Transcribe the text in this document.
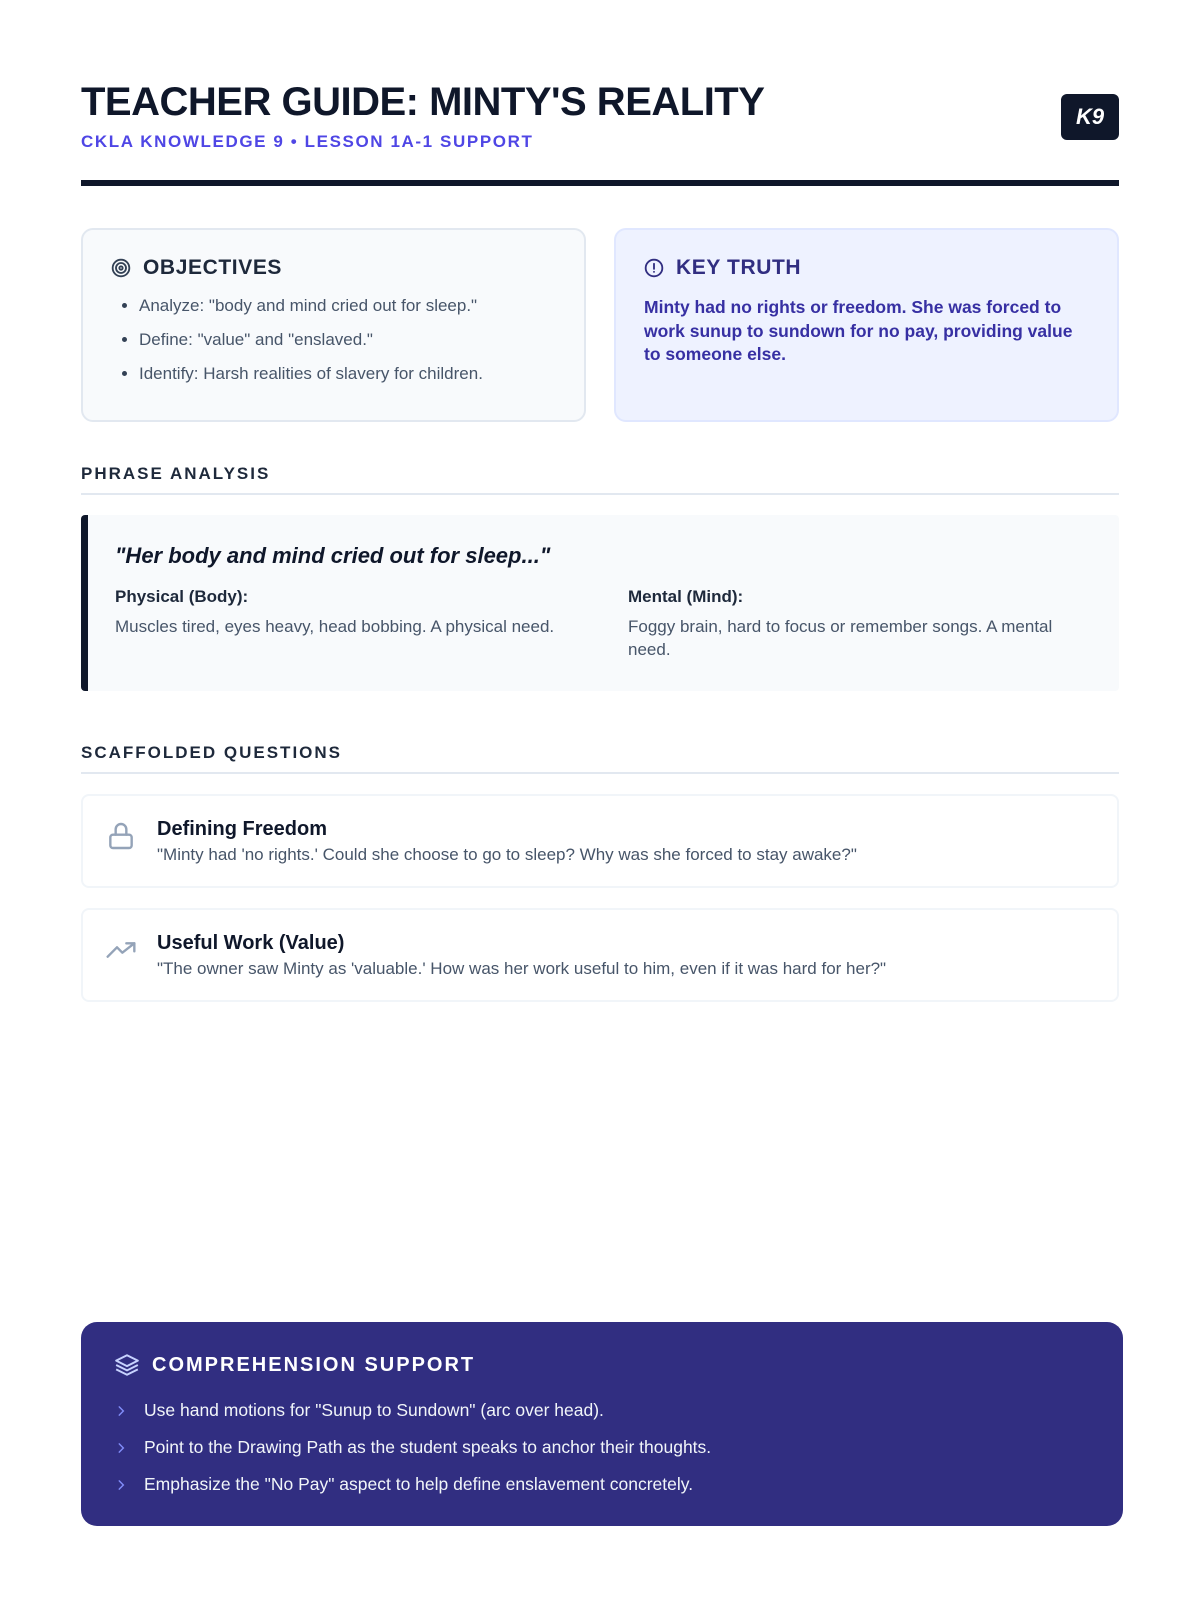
TEACHER GUIDE: MINTY'S REALITY
CKLA KNOWLEDGE 9 • LESSON 1A-1 SUPPORT
K9
OBJECTIVES
• Analyze: "body and mind cried out for sleep."
• Define: "value" and "enslaved."
• Identify: Harsh realities of slavery for children.
KEY TRUTH
Minty had no rights or freedom. She was forced to work sunup to sundown for no pay, providing value to someone else.
PHRASE ANALYSIS
"Her body and mind cried out for sleep..."
Physical (Body):
Muscles tired, eyes heavy, head bobbing. A physical need.
Mental (Mind):
Foggy brain, hard to focus or remember songs. A mental need.
SCAFFOLDED QUESTIONS
Defining Freedom
"Minty had 'no rights.' Could she choose to go to sleep? Why was she forced to stay awake?"
Useful Work (Value)
"The owner saw Minty as 'valuable.' How was her work useful to him, even if it was hard for her?"
COMPREHENSION SUPPORT
Use hand motions for "Sunup to Sundown" (arc over head).
Point to the Drawing Path as the student speaks to anchor their thoughts.
Emphasize the "No Pay" aspect to help define enslavement concretely.
